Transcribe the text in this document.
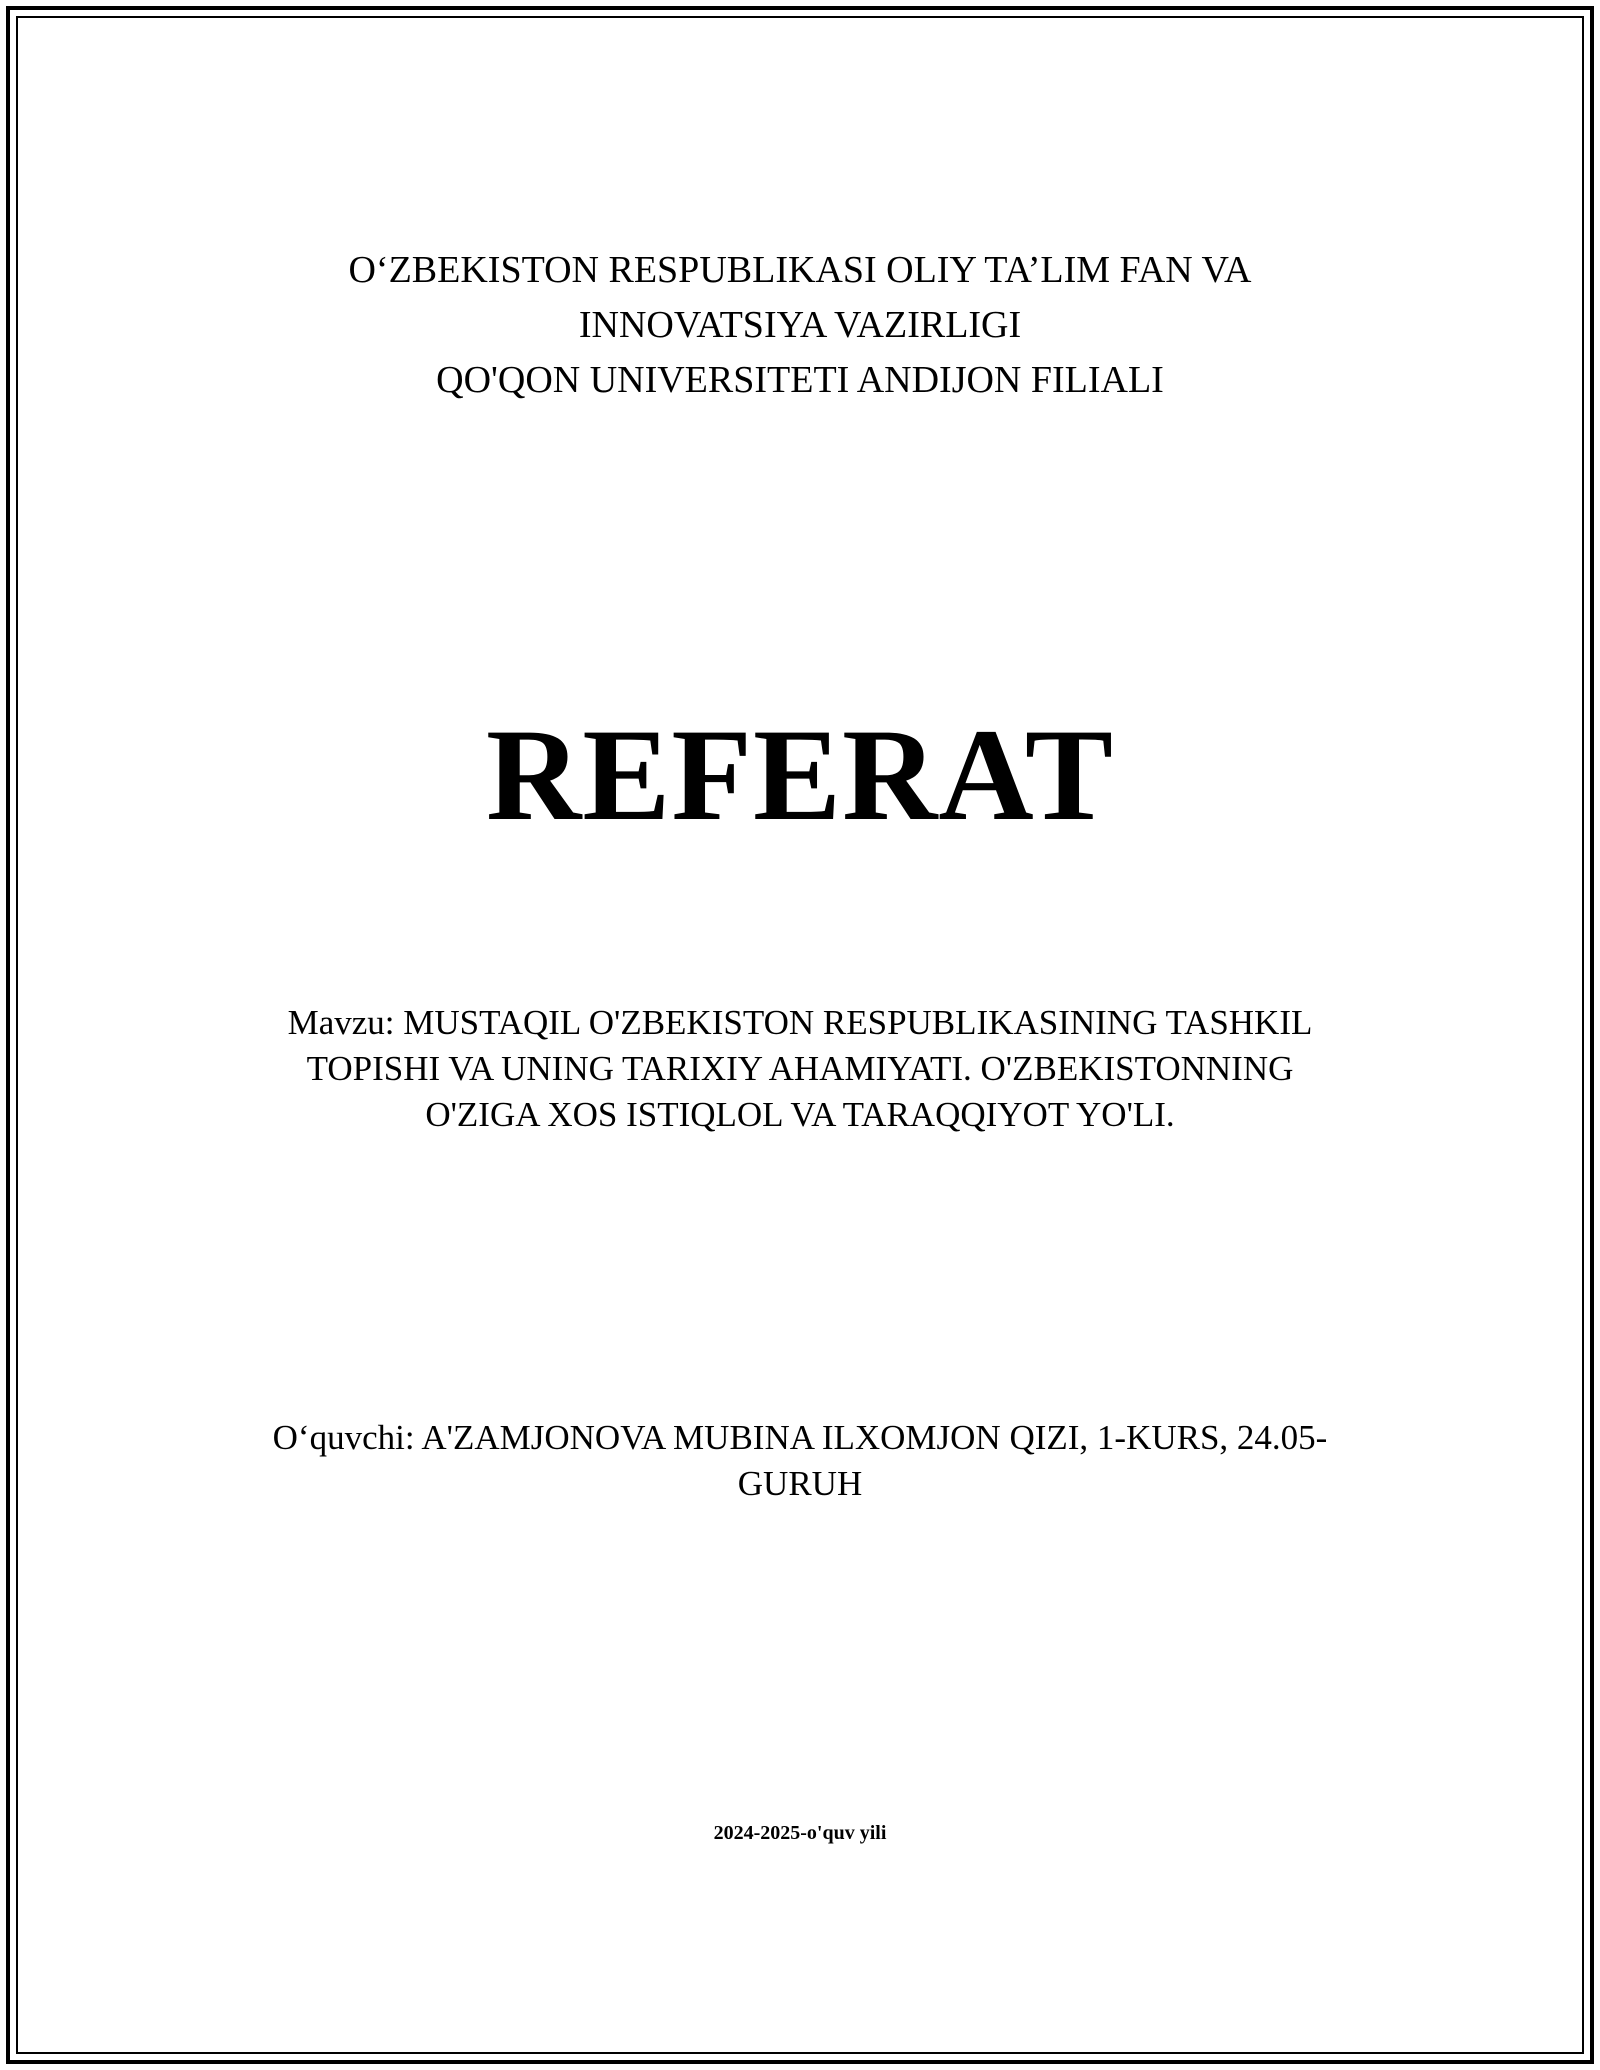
O‘ZBEKISTON RESPUBLIKASI OLIY TA’LIM FAN VA
INNOVATSIYA VAZIRLIGI
QO'QON UNIVERSITETI ANDIJON FILIALI
REFERAT
Mavzu: MUSTAQIL O'ZBEKISTON RESPUBLIKASINING TASHKIL
TOPISHI VA UNING TARIXIY AHAMIYATI. O'ZBEKISTONNING
O'ZIGA XOS ISTIQLOL VA TARAQQIYOT YO'LI.
O‘quvchi: A'ZAMJONOVA MUBINA ILXOMJON QIZI, 1-KURS, 24.05-
GURUH
2024-2025-o'quv yili
